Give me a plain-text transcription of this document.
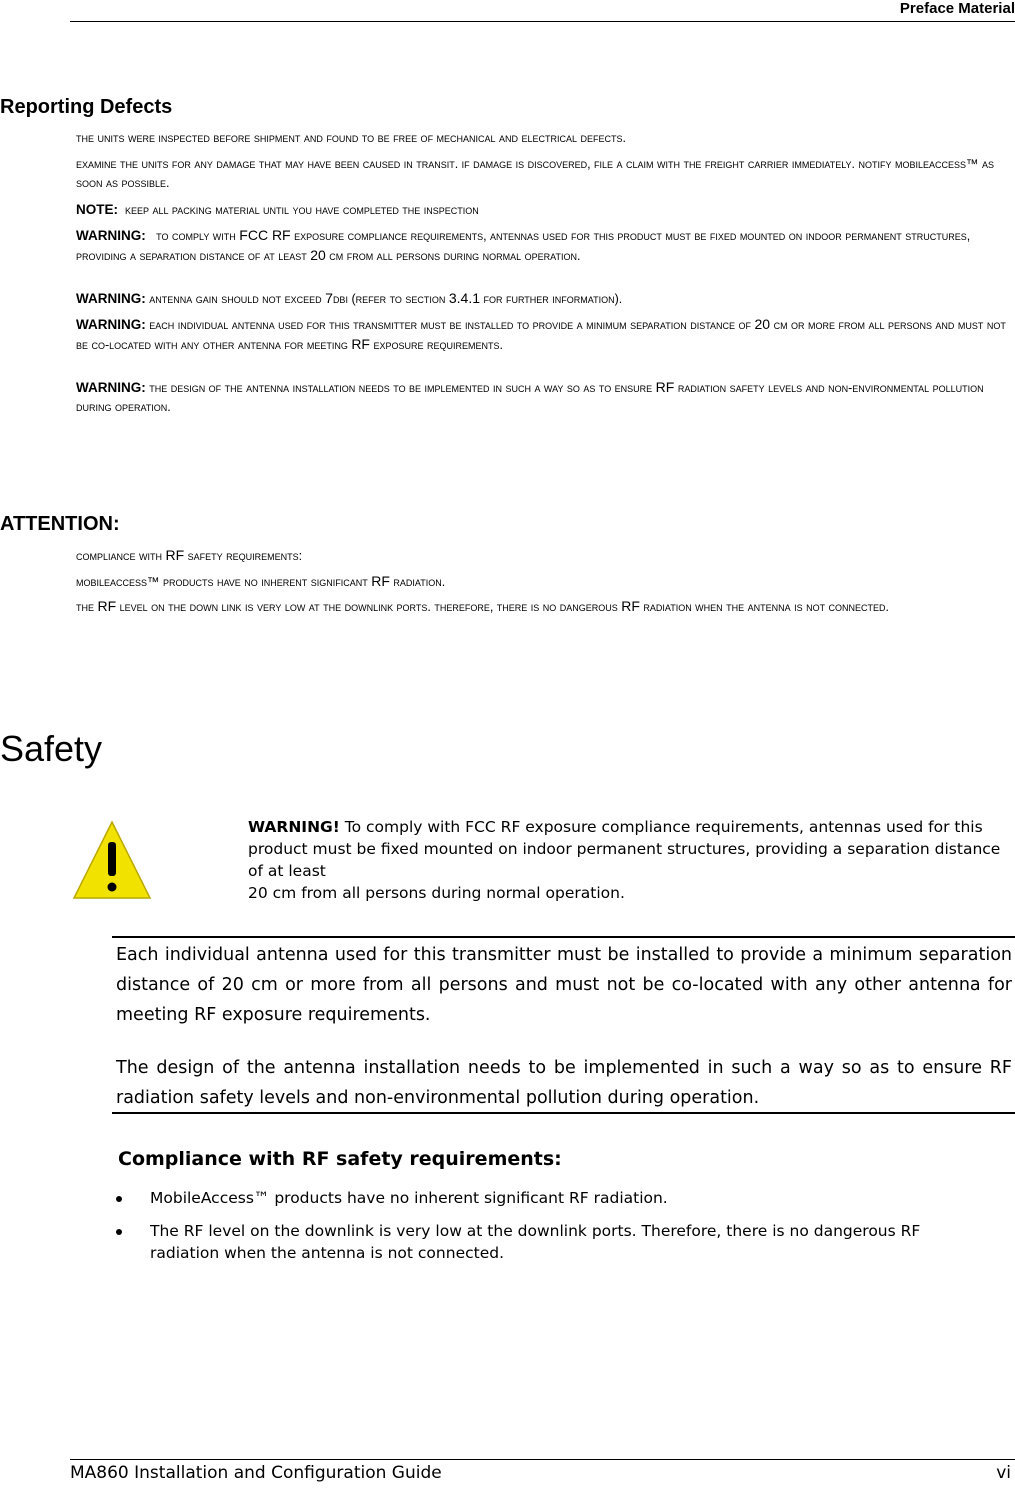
Preface Material
Reporting Defects
the units were inspected before shipment and found to be free of mechanical and electrical defects.
examine the units for any damage that may have been caused in transit. if damage is discovered, file a claim with the freight carrier immediately. notify mobileaccess™ as soon as possible.
NOTE: keep all packing material until you have completed the inspection
WARNING: to comply with FCC RF exposure compliance requirements, antennas used for this product must be fixed mounted on indoor permanent structures, providing a separation distance of at least 20 cm from all persons during normal operation.
WARNING: antenna gain should not exceed 7dbi (refer to section 3.4.1 for further information).
WARNING: each individual antenna used for this transmitter must be installed to provide a minimum separation distance of 20 cm or more from all persons and must not be co-located with any other antenna for meeting RF exposure requirements.
WARNING: the design of the antenna installation needs to be implemented in such a way so as to ensure RF radiation safety levels and non-environmental pollution during operation.
ATTENTION:
compliance with RF safety requirements:
mobileaccess™ products have no inherent significant RF radiation.
the RF level on the down link is very low at the downlink ports. therefore, there is no dangerous RF radiation when the antenna is not connected.
Safety
WARNING! To comply with FCC RF exposure compliance requirements, antennas used for this product must be fixed mounted on indoor permanent structures, providing a separation distance of at least
20 cm from all persons during normal operation.
Each individual antenna used for this transmitter must be installed to provide a minimum separation distance of 20 cm or more from all persons and must not be co-located with any other antenna for meeting RF exposure requirements.
The design of the antenna installation needs to be implemented in such a way so as to ensure RF radiation safety levels and non-environmental pollution during operation.
Compliance with RF safety requirements:
MobileAccess™ products have no inherent significant RF radiation.
The RF level on the downlink is very low at the downlink ports. Therefore, there is no dangerous RF radiation when the antenna is not connected.
MA860 Installation and Configuration Guide	vi
